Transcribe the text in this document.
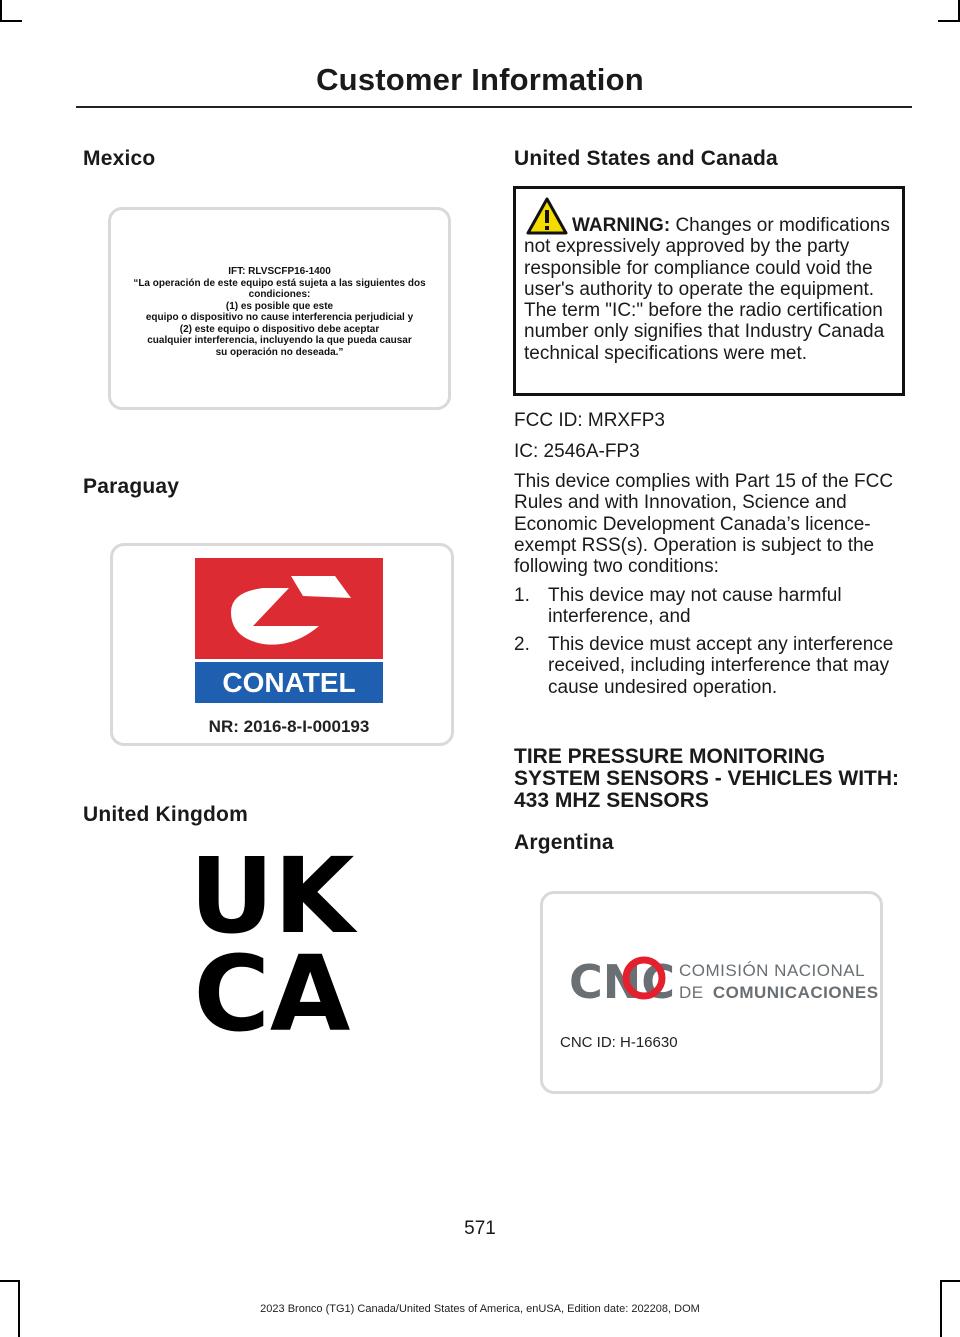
Customer Information
Mexico
IFT: RLVSCFP16-1400
“La operación de este equipo está sujeta a las siguientes dos condiciones:
(1) es posible que este
equipo o dispositivo no cause interferencia perjudicial y
(2) este equipo o dispositivo debe aceptar
cualquier interferencia, incluyendo la que pueda causar
su operación no deseada.”
Paraguay
CONATEL
NR: 2016-8-I-000193
United Kingdom
UK
CA
United States and Canada
WARNING: Changes or modifications not expressively approved by the party responsible for compliance could void the user's authority to operate the equipment. The term "IC:" before the radio certification number only signifies that Industry Canada technical specifications were met.
FCC ID: MRXFP3
IC: 2546A-FP3
This device complies with Part 15 of the FCC Rules and with Innovation, Science and Economic Development Canada’s licence-exempt RSS(s). Operation is subject to the following two conditions:
1. This device may not cause harmful interference, and
2. This device must accept any interference received, including interference that may cause undesired operation.
TIRE PRESSURE MONITORING SYSTEM SENSORS - VEHICLES WITH: 433 MHZ SENSORS
Argentina
CNC COMISIÓN NACIONAL
DE COMUNICACIONES
CNC ID: H-16630
571
2023 Bronco (TG1) Canada/United States of America, enUSA, Edition date: 202208, DOM
